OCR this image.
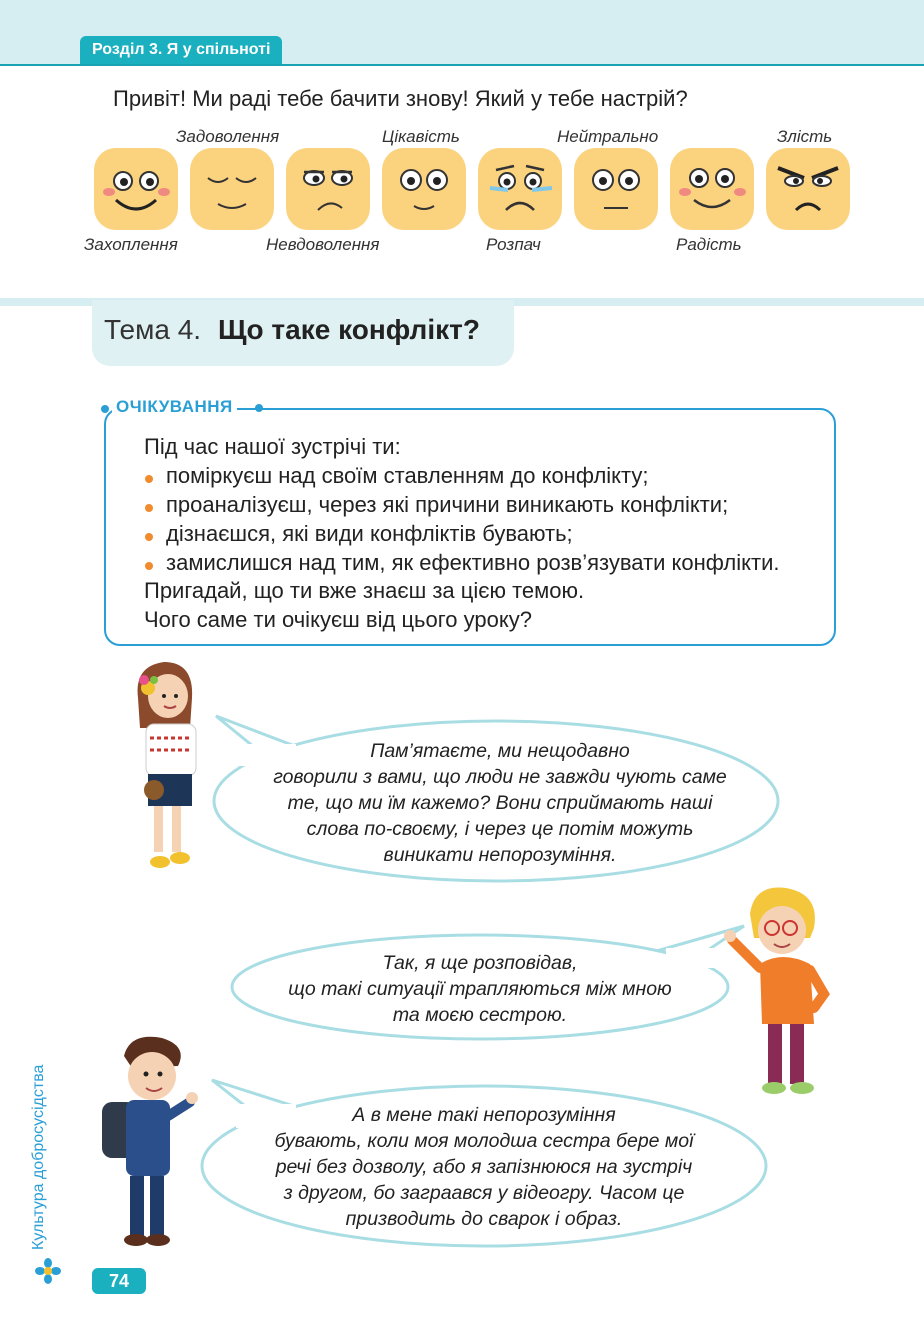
Розділ 3. Я у спільноті
Привіт! Ми раді тебе бачити знову! Який у тебе настрій?
Задоволення	Цікавість	Нейтрально	Злість
Захоплення	Невдоволення	Розпач	Радість
Тема 4. Що таке конфлікт?
ОЧІКУВАННЯ
Під час нашої зустрічі ти:
поміркуєш над своїм ставленням до конфлікту;
проаналізуєш, через які причини виникають конфлікти;
дізнаєшся, які види конфліктів бувають;
замислишся над тим, як ефективно розв’язувати конфлікти.
Пригадай, що ти вже знаєш за цією темою.
Чого саме ти очікуєш від цього уроку?
Пам’ятаєте, ми нещодавно
говорили з вами, що люди не завжди чують саме
те, що ми їм кажемо? Вони сприймають наші
слова по-своєму, і через це потім можуть
виникати непорозуміння.
Так, я ще розповідав,
що такі ситуації трапляються між мною
та моєю сестрою.
А в мене такі непорозуміння
бувають, коли моя молодша сестра бере мої
речі без дозволу, або я запізнююся на зустріч
з другом, бо заграався у відеогру. Часом це
призводить до сварок і образ.
Культура добросусідства
74
